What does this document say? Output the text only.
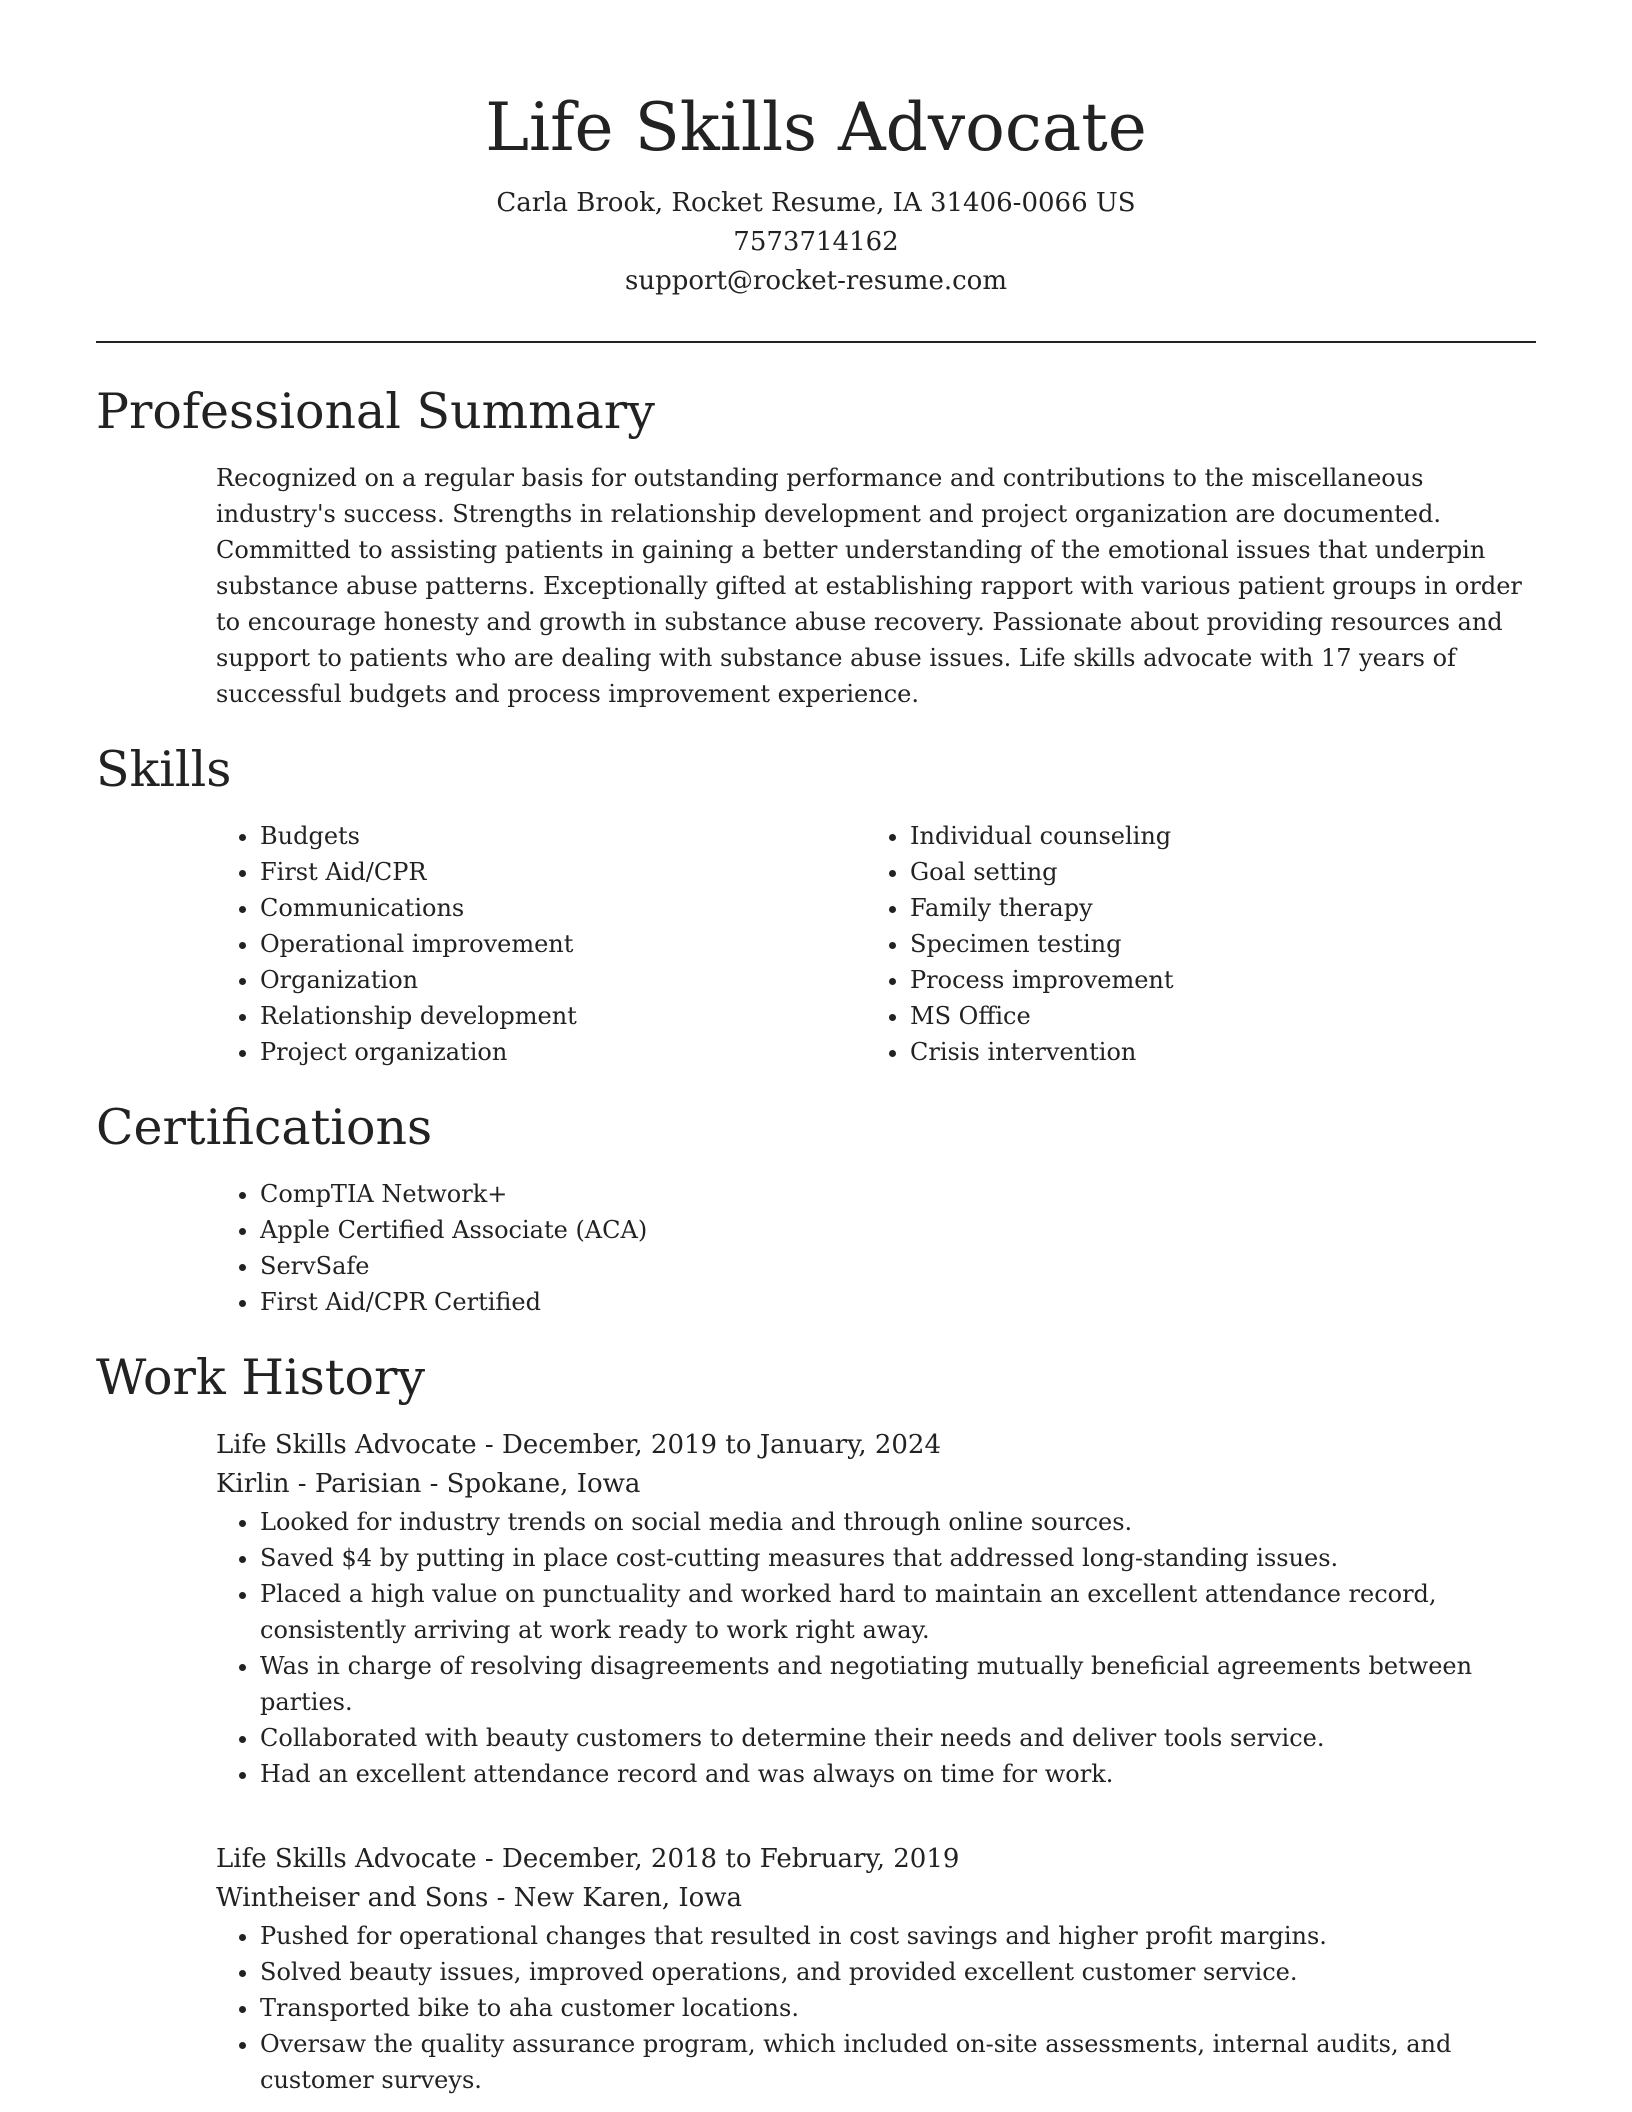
Life Skills Advocate
Carla Brook, Rocket Resume, IA 31406-0066 US
7573714162
support@rocket-resume.com
Professional Summary

Recognized on a regular basis for outstanding performance and contributions to the miscellaneous industry's success. Strengths in relationship development and project organization are documented. Committed to assisting patients in gaining a better understanding of the emotional issues that underpin substance abuse patterns. Exceptionally gifted at establishing rapport with various patient groups in order to encourage honesty and growth in substance abuse recovery. Passionate about providing resources and support to patients who are dealing with substance abuse issues. Life skills advocate with 17 years of successful budgets and process improvement experience.

Skills
• Budgets
• First Aid/CPR
• Communications
• Operational improvement
• Organization
• Relationship development
• Project organization
• Individual counseling
• Goal setting
• Family therapy
• Specimen testing
• Process improvement
• MS Office
• Crisis intervention
Certifications
• CompTIA Network+
• Apple Certified Associate (ACA)
• ServSafe
• First Aid/CPR Certified
Work History
Life Skills Advocate - December, 2019 to January, 2024
Kirlin - Parisian - Spokane, Iowa
• Looked for industry trends on social media and through online sources.
• Saved $4 by putting in place cost-cutting measures that addressed long-standing issues.
• Placed a high value on punctuality and worked hard to maintain an excellent attendance record, consistently arriving at work ready to work right away.
• Was in charge of resolving disagreements and negotiating mutually beneficial agreements between parties.
• Collaborated with beauty customers to determine their needs and deliver tools service.
• Had an excellent attendance record and was always on time for work.
Life Skills Advocate - December, 2018 to February, 2019
Wintheiser and Sons - New Karen, Iowa
• Pushed for operational changes that resulted in cost savings and higher profit margins.
• Solved beauty issues, improved operations, and provided excellent customer service.
• Transported bike to aha customer locations.
• Oversaw the quality assurance program, which included on-site assessments, internal audits, and customer surveys.
